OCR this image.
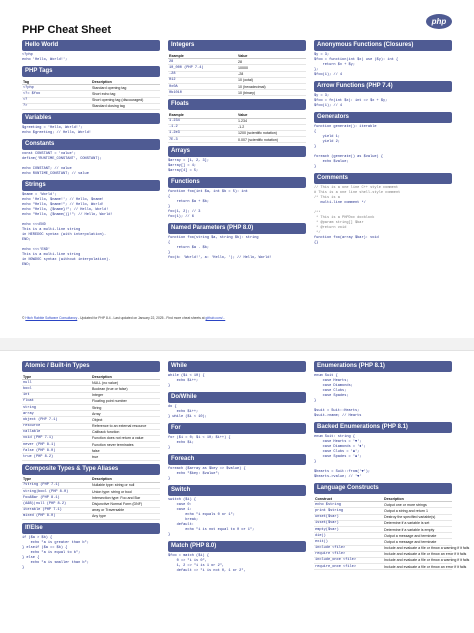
PHP Cheat Sheet
php
Hello World
<?php
echo 'Hello, World!';
PHP Tags
Tag	Description
<?php	Standard opening tag
<?= $foo	Short echo tag
<?	Short opening tag (discouraged)
?>	Standard closing tag
Variables
$greeting = 'Hello, World!';
echo $greeting; // Hello, World!
Constants
const CONSTANT = 'value';
define('RUNTIME_CONSTANT', CONSTANT);

echo CONSTANT; // value
echo RUNTIME_CONSTANT; // value
Strings
$name = 'World';
echo 'Hello, $name!'; // Hello, $name!
echo "Hello, $name!"; // Hello, World!
echo "Hello, {$name}!"; // Hello, World!
echo "Hello, {$name()}!"; // Hello, World!

echo <<<END
This is a multi-line string
in HEREDOC syntax (with interpolation).
END;

echo <<<'END'
This is a multi-line string
in NOWDOC syntax (without interpolation).
END;
Integers
Example	Value
28	28
10_000 (PHP 7.4)	10000
-28	-28
012	10 (octal)
0x0A	10 (hexadecimal)
0b1010	10 (binary)
Floats
Example	Value
1.234	1.234
-1.2	-1.2
1.2e3	1200 (scientific notation)
7E-3	0.007 (scientific notation)
Arrays
$array = [1, 2, 3];
$array[] = 4;
$array[4] = 5;
Functions
function foo(int $a, int $b = 5): int
{
return $a + $b;
}
foo(1, 2); // 3
foo(1); // 6
Named Parameters (PHP 8.0)
function foo(string $a, string $b): string
{
return $a . $b;
}
foo(b: 'World!', a: 'Hello, '); // Hello, World!
Anonymous Functions (Closures)
$y = 3;
$foo = function(int $x) use ($y): int {
return $x + $y;
};
$foo(1); // 4
Arrow Functions (PHP 7.4)
$y = 3;
$foo = fn(int $x): int => $x + $y;
$foo(1); // 4
Generators
function generate(): iterable
{
yield 1;
yield 2;
}

foreach (generate() as $value) {
echo $value;
}
Comments
// This is a one line C++ style comment
# This is a one line shell-style comment
/* This is a
multi-line comment */

/**
* This is a PHPDoc docblock
* @param string[] $bar
* @return void
*/
function foo(array $bar): void
{}
© Hitch Rabble Software Consultancy - Updated for PHP 8.4 - Last updated on January 22, 2025 - Find more cheat sheets at github.com/...
Atomic / Built-in Types
Type	Description
null	NULL (no value)
bool	Boolean (true or false)
int	Integer
float	Floating point number
string	String
array	Array
object (PHP 7.1)	Object
resource	Reference to an external resource
callable	Callback function
void (PHP 7.1)	Function does not return a value
never (PHP 8.1)	Function never terminates
false (PHP 8.0)	false
true (PHP 8.2)	true
Composite Types & Type Aliases
Type	Description
?string (PHP 7.1)	Nullable type: string or null
string|bool (PHP 8.0)	Union type: string or bool
Foo&Bar (PHP 8.1)	Intersection type: Foo and Bar
(A&B)|null (PHP 8.2)	Disjunctive Normal Form (DNF)
iterable (PHP 7.1)	array or Traversable
mixed (PHP 8.0)	Any type
If/Else
if ($a > $b) {
echo "a is greater than b";
} elseif ($a == $b) {
echo "a is equal to b";
} else {
echo "a is smaller than b";
}
While
while ($i < 10) {
echo $i++;
}
Do/While
do {
echo $i++;
} while ($i < 10);
For
for ($i = 0; $i < 10; $i++) {
echo $i;
}
Foreach
foreach ($array as $key => $value) {
echo "$key: $value";
}
Switch
switch ($i) {
case 0:
case 1:
echo "i equals 0 or 1";
break;
default:
echo "i is not equal to 0 or 1";
}
Match (PHP 8.0)
$foo = match ($i) {
0 => "i is 0",
1, 2 => "i is 1 or 2",
default => "i is not 0, 1 or 2",
Enumerations (PHP 8.1)
enum Suit {
case Hearts;
case Diamonds;
case Clubs;
case Spades;
}

$suit = Suit::Hearts;
$suit->name; // Hearts
Backed Enumerations (PHP 8.1)
enum Suit: string {
case Hearts = '♥';
case Diamonds = '♦';
case Clubs = '♣';
case Spades = '♠';
}

$hearts = Suit::from('♥');
$hearts->value; // '♥'
Language Constructs
Construct	Description
echo $string	Output one or more strings
print $string	Output a string and return 1
unset($var)	Destroy the specified variable(s)
isset($var)	Determine if a variable is set
empty($var)	Determine if a variable is empty
die()	Output a message and terminate
exit()	Output a message and terminate
include <file>	Include and evaluate a file or throw a warning if it fails
require <file>	Include and evaluate a file or throw an error if it fails
include_once <file>	Include and evaluate a file or throw a warning if it fails
require_once <file>	Include and evaluate a file or throw an error if it fails
